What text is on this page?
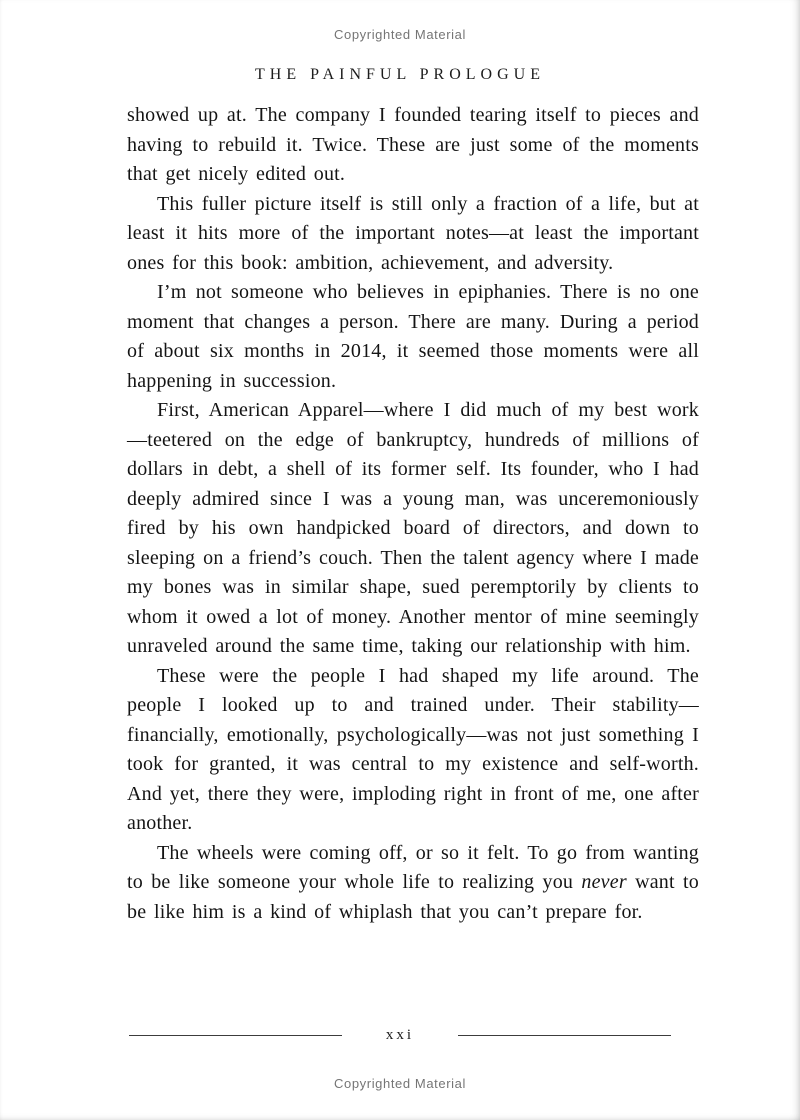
Copyrighted Material
THE PAINFUL PROLOGUE

showed up at. The company I founded tearing itself to pieces and having to rebuild it. Twice. These are just some of the moments that get nicely edited out.

This fuller picture itself is still only a fraction of a life, but at least it hits more of the important notes—at least the important ones for this book: ambition, achievement, and adversity.

I’m not someone who believes in epiphanies. There is no one moment that changes a person. There are many. During a period of about six months in 2014, it seemed those moments were all happening in succession.

First, American Apparel—where I did much of my best work—teetered on the edge of bankruptcy, hundreds of millions of dollars in debt, a shell of its former self. Its founder, who I had deeply admired since I was a young man, was unceremoniously fired by his own handpicked board of directors, and down to sleeping on a friend’s couch. Then the talent agency where I made my bones was in similar shape, sued peremptorily by clients to whom it owed a lot of money. Another mentor of mine seemingly unraveled around the same time, taking our relationship with him.

These were the people I had shaped my life around. The people I looked up to and trained under. Their stability—financially, emotionally, psychologically—was not just something I took for granted, it was central to my existence and self-worth. And yet, there they were, imploding right in front of me, one after another.

The wheels were coming off, or so it felt. To go from wanting to be like someone your whole life to realizing you never want to be like him is a kind of whiplash that you can’t prepare for.

xxi
Copyrighted Material
